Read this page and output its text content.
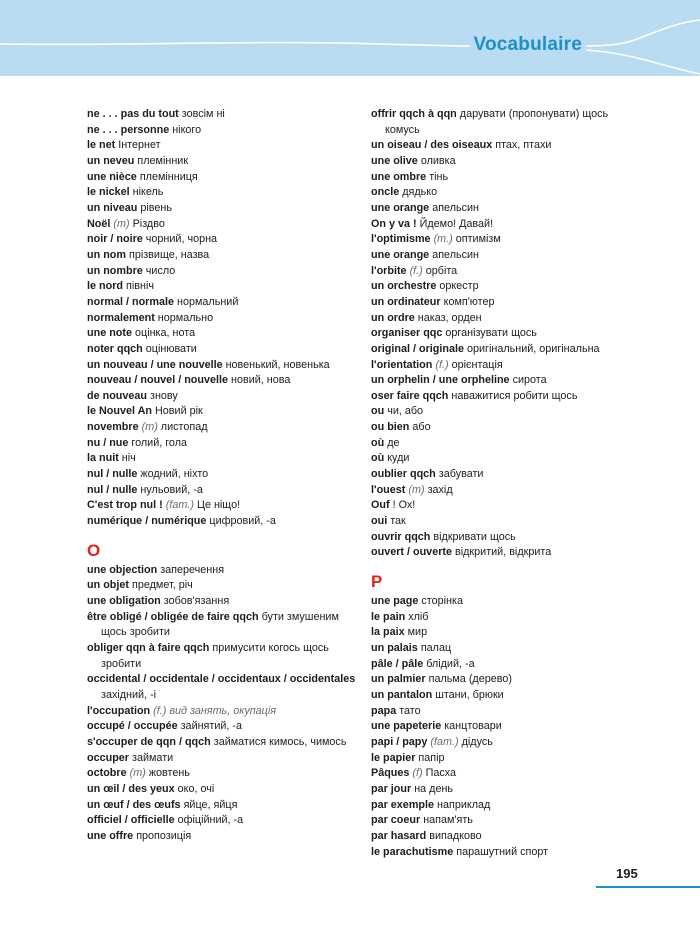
Vocabulaire
ne . . . pas du tout зовсім ні
ne . . . personne нікого
le net Інтернет
un neveu племінник
une nièce племінниця
le nickel нікель
un niveau рівень
Noël (m) Різдво
noir / noire чорний, чорна
un nom прізвище, назва
un nombre число
le nord північ
normal / normale нормальний
normalement нормально
une note оцінка, нота
noter qqch оцінювати
un nouveau / une nouvelle новенький, новенька
nouveau / nouvel / nouvelle новий, нова
de nouveau знову
le Nouvel An Новий рік
novembre (m) листопад
nu / nue голий, гола
la nuit ніч
nul / nulle жодний, ніхто
nul / nulle нульовий, -а
C'est trop nul ! (fam.) Це ніщо!
numérique / numérique цифровий, -а
O
une objection заперечення
un objet предмет, річ
une obligation зобов'язання
être obligé / obligée de faire qqch бути змушеним
щось зробити
obliger qqn à faire qqch примусити когось щось
зробити
occidental / occidentale / occidentaux / occidentales
західний, -і
l'occupation (f.) вид занять, окупація
occupé / occupée зайнятий, -а
s'occuper de qqn / qqch займатися кимось, чимось
occuper займати
octobre (m) жовтень
un œil / des yeux око, очі
un œuf / des œufs яйце, яйця
officiel / officielle офіційний, -а
une offre пропозиція
offrir qqch à qqn дарувати (пропонувати) щось
комусь
un oiseau / des oiseaux птах, птахи
une olive оливка
une ombre тінь
oncle дядько
une orange апельсин
On y va ! Йдемо! Давай!
l'optimisme (m.) оптимізм
une orange апельсин
l'orbite (f.) орбіта
un orchestre оркестр
un ordinateur комп'ютер
un ordre наказ, орден
organiser qqc організувати щось
original / originale оригінальний, оригінальна
l'orientation (f.) орієнтація
un orphelin / une orpheline сирота
oser faire qqch наважитися робити щось
ou чи, або
ou bien або
où де
où куди
oublier qqch забувати
l'ouest (m) захід
Ouf ! Ох!
oui так
ouvrir qqch відкривати щось
ouvert / ouverte відкритий, відкрита
P
une page сторінка
le pain хліб
la paix мир
un palais палац
pâle / pâle блідий, -а
un palmier пальма (дерево)
un pantalon штани, брюки
papa тато
une papeterie канцтовари
papi / papy (fam.) дідусь
le papier папір
Pâques (f) Пасха
par jour на день
par exemple наприклад
par coeur напам'ять
par hasard випадково
le parachutisme парашутний спорт
195
